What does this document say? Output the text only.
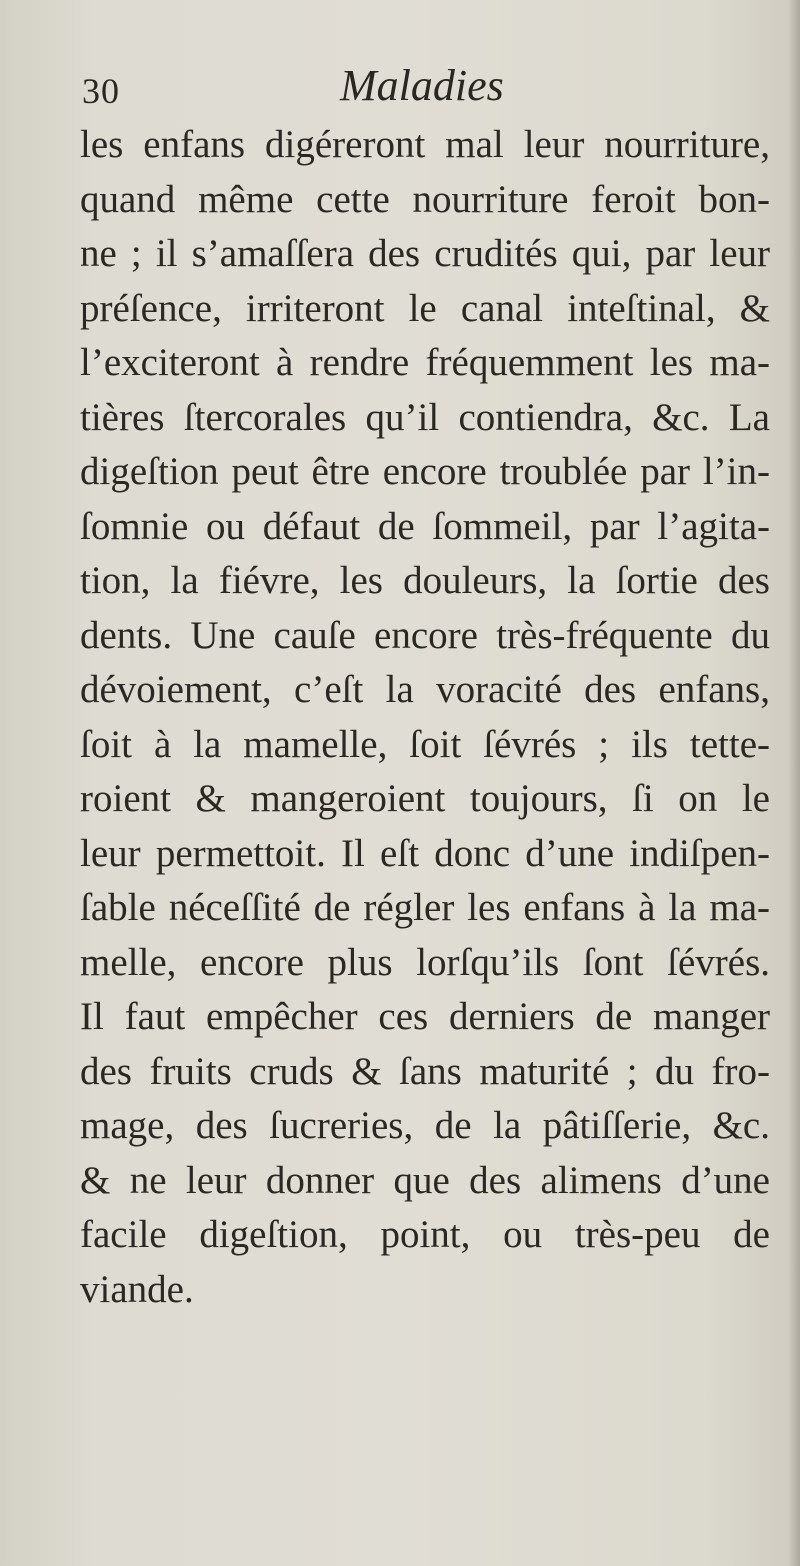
30	Maladies
les enfans digéreront mal leur nourriture,
quand même cette nourriture feroit bon-
ne ; il s’amaſſera des crudités qui, par leur
préſence, irriteront le canal inteſtinal, &
l’exciteront à rendre fréquemment les ma-
tières ſtercorales qu’il contiendra, &c. La
digeſtion peut être encore troublée par l’in-
ſomnie ou défaut de ſommeil, par l’agita-
tion, la fiévre, les douleurs, la ſortie des
dents. Une cauſe encore très-fréquente du
dévoiement, c’eſt la voracité des enfans,
ſoit à la mamelle, ſoit ſévrés ; ils tette-
roient & mangeroient toujours, ſi on le
leur permettoit. Il eſt donc d’une indiſpen-
ſable néceſſité de régler les enfans à la ma-
melle, encore plus lorſqu’ils ſont ſévrés.
Il faut empêcher ces derniers de manger
des fruits cruds & ſans maturité ; du fro-
mage, des ſucreries, de la pâtiſſerie, &c.
& ne leur donner que des alimens d’une
facile digeſtion, point, ou très-peu de
viande.
